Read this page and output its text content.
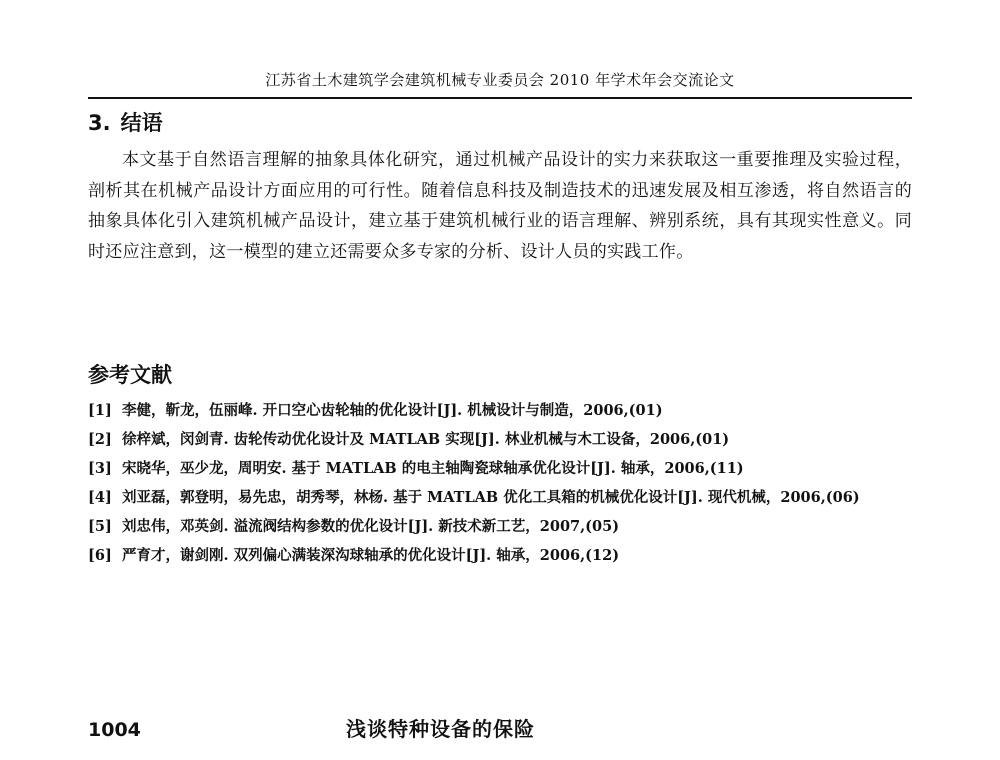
江苏省土木建筑学会建筑机械专业委员会 2010 年学术年会交流论文
3. 结语

本文基于自然语言理解的抽象具体化研究，通过机械产品设计的实力来获取这一重要推理及实验过程，剖析其在机械产品设计方面应用的可行性。随着信息科技及制造技术的迅速发展及相互渗透，将自然语言的抽象具体化引入建筑机械产品设计，建立基于建筑机械行业的语言理解、辨别系统，具有其现实性意义。同时还应注意到，这一模型的建立还需要众多专家的分析、设计人员的实践工作。

参考文献
[1] 李健，靳龙，伍丽峰. 开口空心齿轮轴的优化设计[J]. 机械设计与制造，2006,(01)
[2] 徐梓斌，闵剑青. 齿轮传动优化设计及 MATLAB 实现[J]. 林业机械与木工设备，2006,(01)
[3] 宋晓华，巫少龙，周明安. 基于 MATLAB 的电主轴陶瓷球轴承优化设计[J]. 轴承，2006,(11)
[4] 刘亚磊，郭登明，易先忠，胡秀琴，林杨. 基于 MATLAB 优化工具箱的机械优化设计[J]. 现代机械，2006,(06)
[5] 刘忠伟，邓英剑. 溢流阀结构参数的优化设计[J]. 新技术新工艺，2007,(05)
[6] 严育才，谢剑刚. 双列偏心满装深沟球轴承的优化设计[J]. 轴承，2006,(12)
1004	浅谈特种设备的保险
